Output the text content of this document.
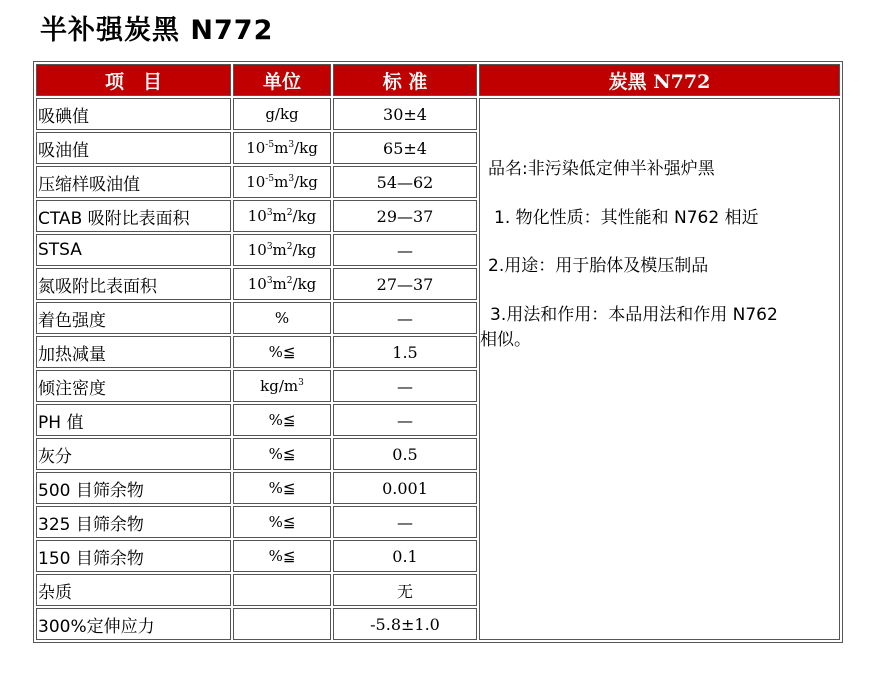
半补强炭黑 N772
项　目	单位	标 准	炭黑 N772
吸碘值	g/kg	30±4	品名:非污染低定伸半补强炉黑

1. 物化性质：其性能和 N762 相近

2.用途：用于胎体及模压制品

3.用法和作用：本品用法和作用 N762

相似。

吸油值	$10^{-5}m^3/kg$	65±4	
压缩样吸油值	$10^{-5}m^3/kg$	54—62	
CTAB 吸附比表面积	$10^3m^2/kg$	29—37	
STSA	$10^3m^2/kg$	—	
氮吸附比表面积	$10^3m^2/kg$	27—37	
着色强度	%	—	
加热减量	%≦	1.5	
倾注密度	$kg/m^3$	—	
PH 值	%≦	—	
灰分	%≦	0.5	
500 目筛余物	%≦	0.001	
325 目筛余物	%≦	—	
150 目筛余物	%≦	0.1	
杂质		无	
300%定伸应力		-5.8±1.0	
